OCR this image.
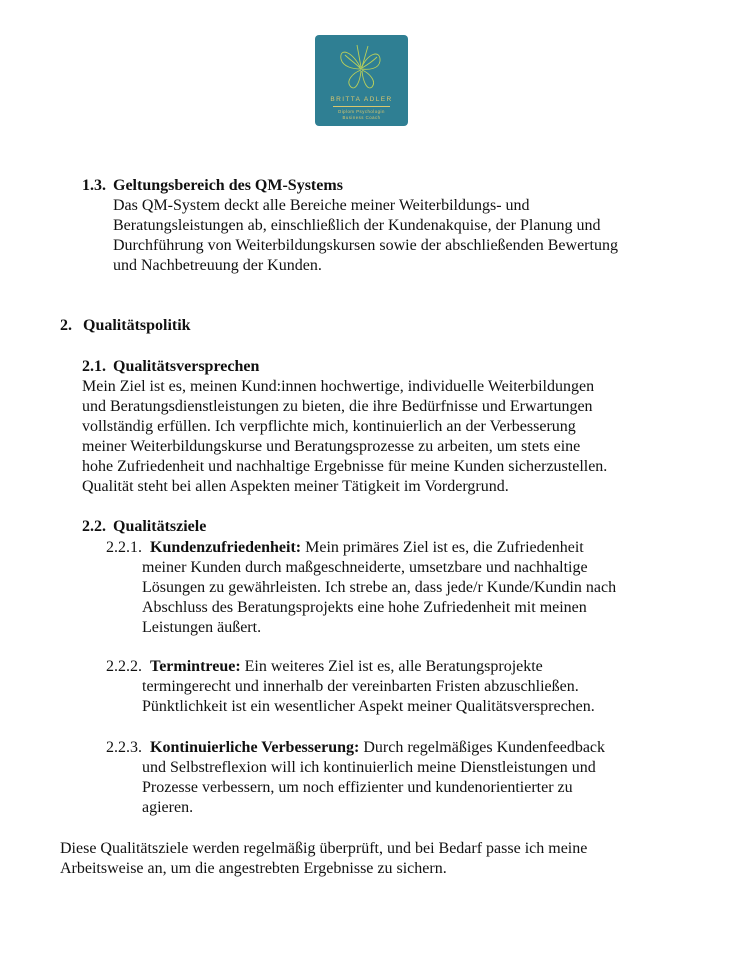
BRITTA ADLER
Diplom Psychologin
Business Coach
1.3. Geltungsbereich des QM-Systems
Das QM-System deckt alle Bereiche meiner Weiterbildungs- und
Beratungsleistungen ab, einschließlich der Kundenakquise, der Planung und
Durchführung von Weiterbildungskursen sowie der abschließenden Bewertung
und Nachbetreuung der Kunden.
2. Qualitätspolitik
2.1. Qualitätsversprechen
Mein Ziel ist es, meinen Kund:innen hochwertige, individuelle Weiterbildungen
und Beratungsdienstleistungen zu bieten, die ihre Bedürfnisse und Erwartungen
vollständig erfüllen. Ich verpflichte mich, kontinuierlich an der Verbesserung
meiner Weiterbildungskurse und Beratungsprozesse zu arbeiten, um stets eine
hohe Zufriedenheit und nachhaltige Ergebnisse für meine Kunden sicherzustellen.
Qualität steht bei allen Aspekten meiner Tätigkeit im Vordergrund.
2.2. Qualitätsziele
2.2.1. Kundenzufriedenheit: Mein primäres Ziel ist es, die Zufriedenheit
meiner Kunden durch maßgeschneiderte, umsetzbare und nachhaltige
Lösungen zu gewährleisten. Ich strebe an, dass jede/r Kunde/Kundin nach
Abschluss des Beratungsprojekts eine hohe Zufriedenheit mit meinen
Leistungen äußert.
2.2.2. Termintreue: Ein weiteres Ziel ist es, alle Beratungsprojekte
termingerecht und innerhalb der vereinbarten Fristen abzuschließen.
Pünktlichkeit ist ein wesentlicher Aspekt meiner Qualitätsversprechen.
2.2.3. Kontinuierliche Verbesserung: Durch regelmäßiges Kundenfeedback
und Selbstreflexion will ich kontinuierlich meine Dienstleistungen und
Prozesse verbessern, um noch effizienter und kundenorientierter zu
agieren.
Diese Qualitätsziele werden regelmäßig überprüft, und bei Bedarf passe ich meine
Arbeitsweise an, um die angestrebten Ergebnisse zu sichern.
